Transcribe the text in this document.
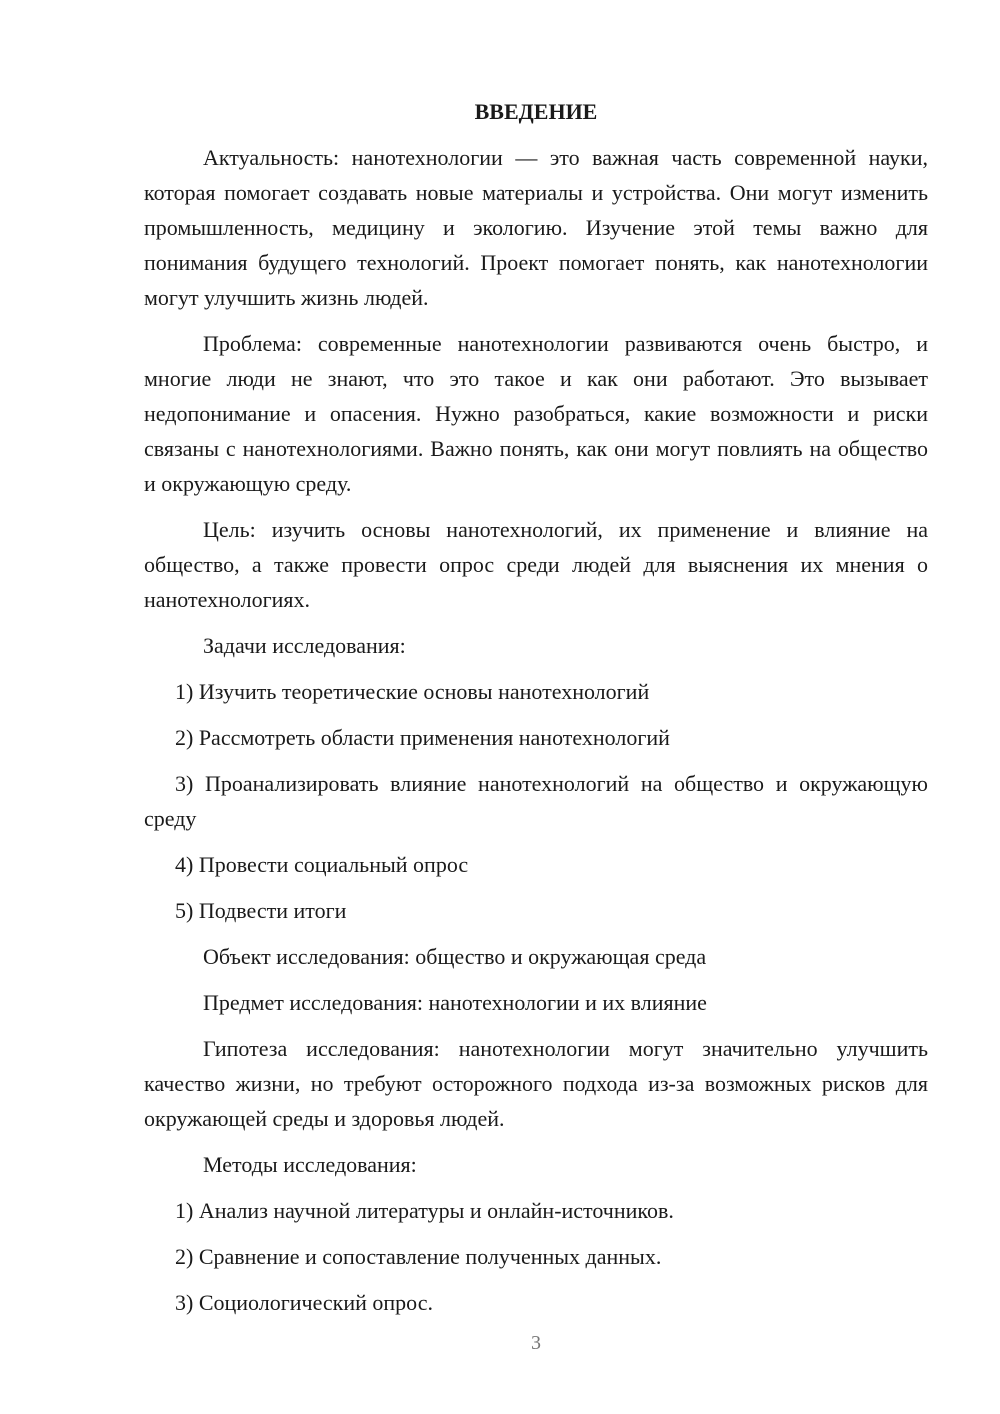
ВВЕДЕНИЕ

Актуальность: нанотехнологии — это важная часть современной науки, которая помогает создавать новые материалы и устройства. Они могут изменить промышленность, медицину и экологию. Изучение этой темы важно для понимания будущего технологий. Проект помогает понять, как нанотехнологии могут улучшить жизнь людей.

Проблема: современные нанотехнологии развиваются очень быстро, и многие люди не знают, что это такое и как они работают. Это вызывает недопонимание и опасения. Нужно разобраться, какие возможности и риски связаны с нанотехнологиями. Важно понять, как они могут повлиять на общество и окружающую среду.

Цель: изучить основы нанотехнологий, их применение и влияние на общество, а также провести опрос среди людей для выяснения их мнения о нанотехнологиях.

Задачи исследования:
1) Изучить теоретические основы нанотехнологий
2) Рассмотреть области применения нанотехнологий
3) Проанализировать влияние нанотехнологий на общество и окружающую среду
4) Провести социальный опрос
5) Подвести итоги
Объект исследования: общество и окружающая среда
Предмет исследования: нанотехнологии и их влияние

Гипотеза исследования: нанотехнологии могут значительно улучшить качество жизни, но требуют осторожного подхода из-за возможных рисков для окружающей среды и здоровья людей.

Методы исследования:
1) Анализ научной литературы и онлайн-источников.
2) Сравнение и сопоставление полученных данных.
3) Социологический опрос.
3
